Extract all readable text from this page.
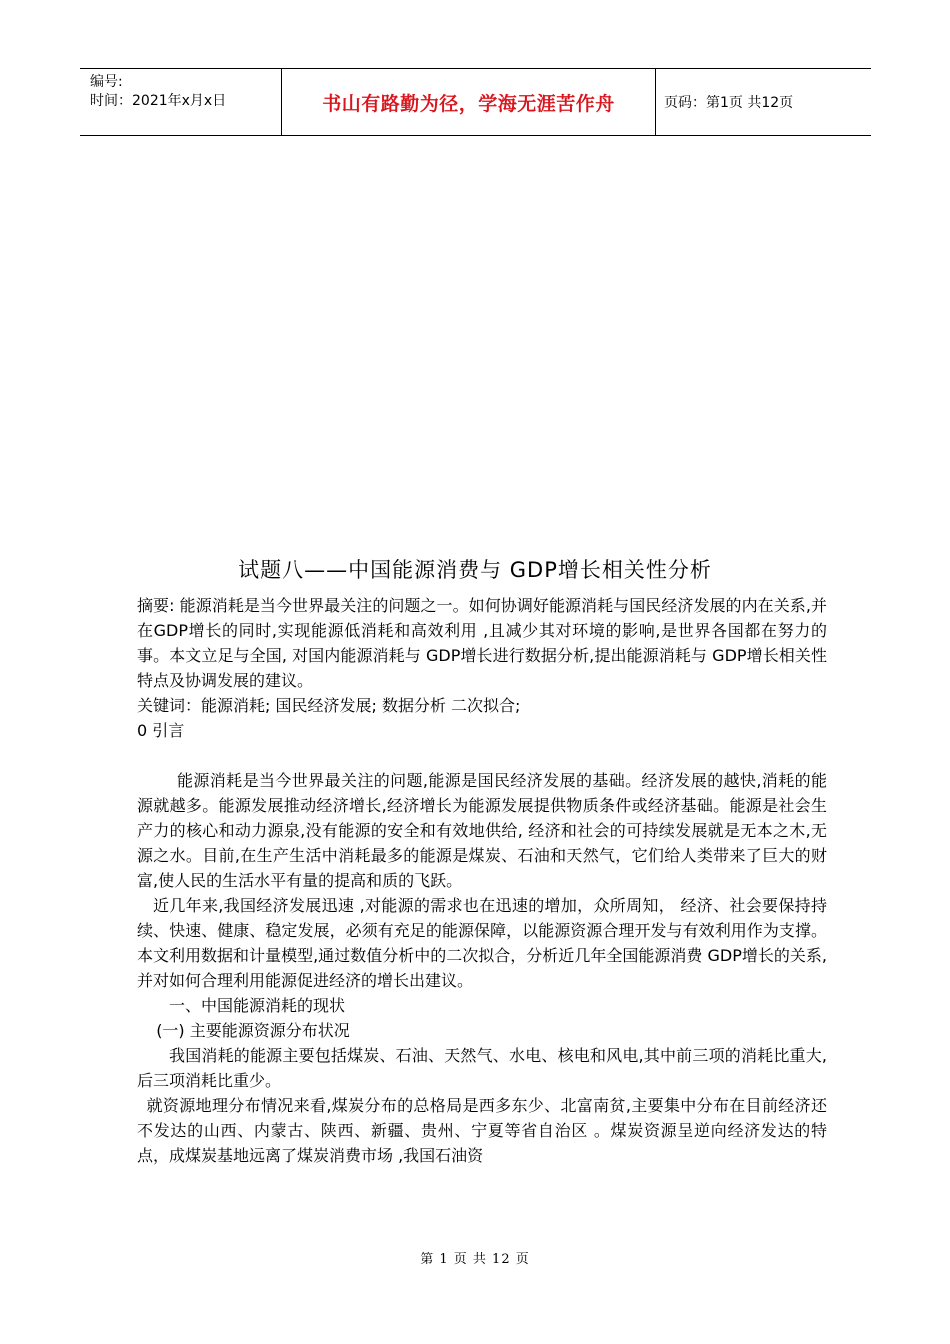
编号:
时间：2021年x月x日	书山有路勤为径，学海无涯苦作舟	页码：第1页 共12页
试题八——中国能源消费与 GDP增长相关性分析

摘要: 能源消耗是当今世界最关注的问题之一。如何协调好能源消耗与国民经济发展的内在关系,并在GDP增长的同时,实现能源低消耗和高效利用 ,且减少其对环境的影响,是世界各国都在努力的事。本文立足与全国, 对国内能源消耗与 GDP增长进行数据分析,提出能源消耗与 GDP增长相关性特点及协调发展的建议。

关键词：能源消耗; 国民经济发展; 数据分析 二次拟合;

0 引言

能源消耗是当今世界最关注的问题,能源是国民经济发展的基础。经济发展的越快,消耗的能源就越多。能源发展推动经济增长,经济增长为能源发展提供物质条件或经济基础。能源是社会生产力的核心和动力源泉,没有能源的安全和有效地供给, 经济和社会的可持续发展就是无本之木,无源之水。目前,在生产生活中消耗最多的能源是煤炭、石油和天然气，它们给人类带来了巨大的财富,使人民的生活水平有量的提高和质的飞跃。

近几年来,我国经济发展迅速 ,对能源的需求也在迅速的增加，众所周知， 经济、社会要保持持续、快速、健康、稳定发展，必须有充足的能源保障，以能源资源合理开发与有效利用作为支撑。本文利用数据和计量模型,通过数值分析中的二次拟合，分析近几年全国能源消费 GDP增长的关系, 并对如何合理利用能源促进经济的增长出建议。

一、中国能源消耗的现状

(一) 主要能源资源分布状况

我国消耗的能源主要包括煤炭、石油、天然气、水电、核电和风电,其中前三项的消耗比重大,后三项消耗比重少。

就资源地理分布情况来看,煤炭分布的总格局是西多东少、北富南贫,主要集中分布在目前经济还不发达的山西、内蒙古、陕西、新疆、贵州、宁夏等省自治区 。煤炭资源呈逆向经济发达的特点，成煤炭基地远离了煤炭消费市场 ,我国石油资

第 1 页 共 12 页
